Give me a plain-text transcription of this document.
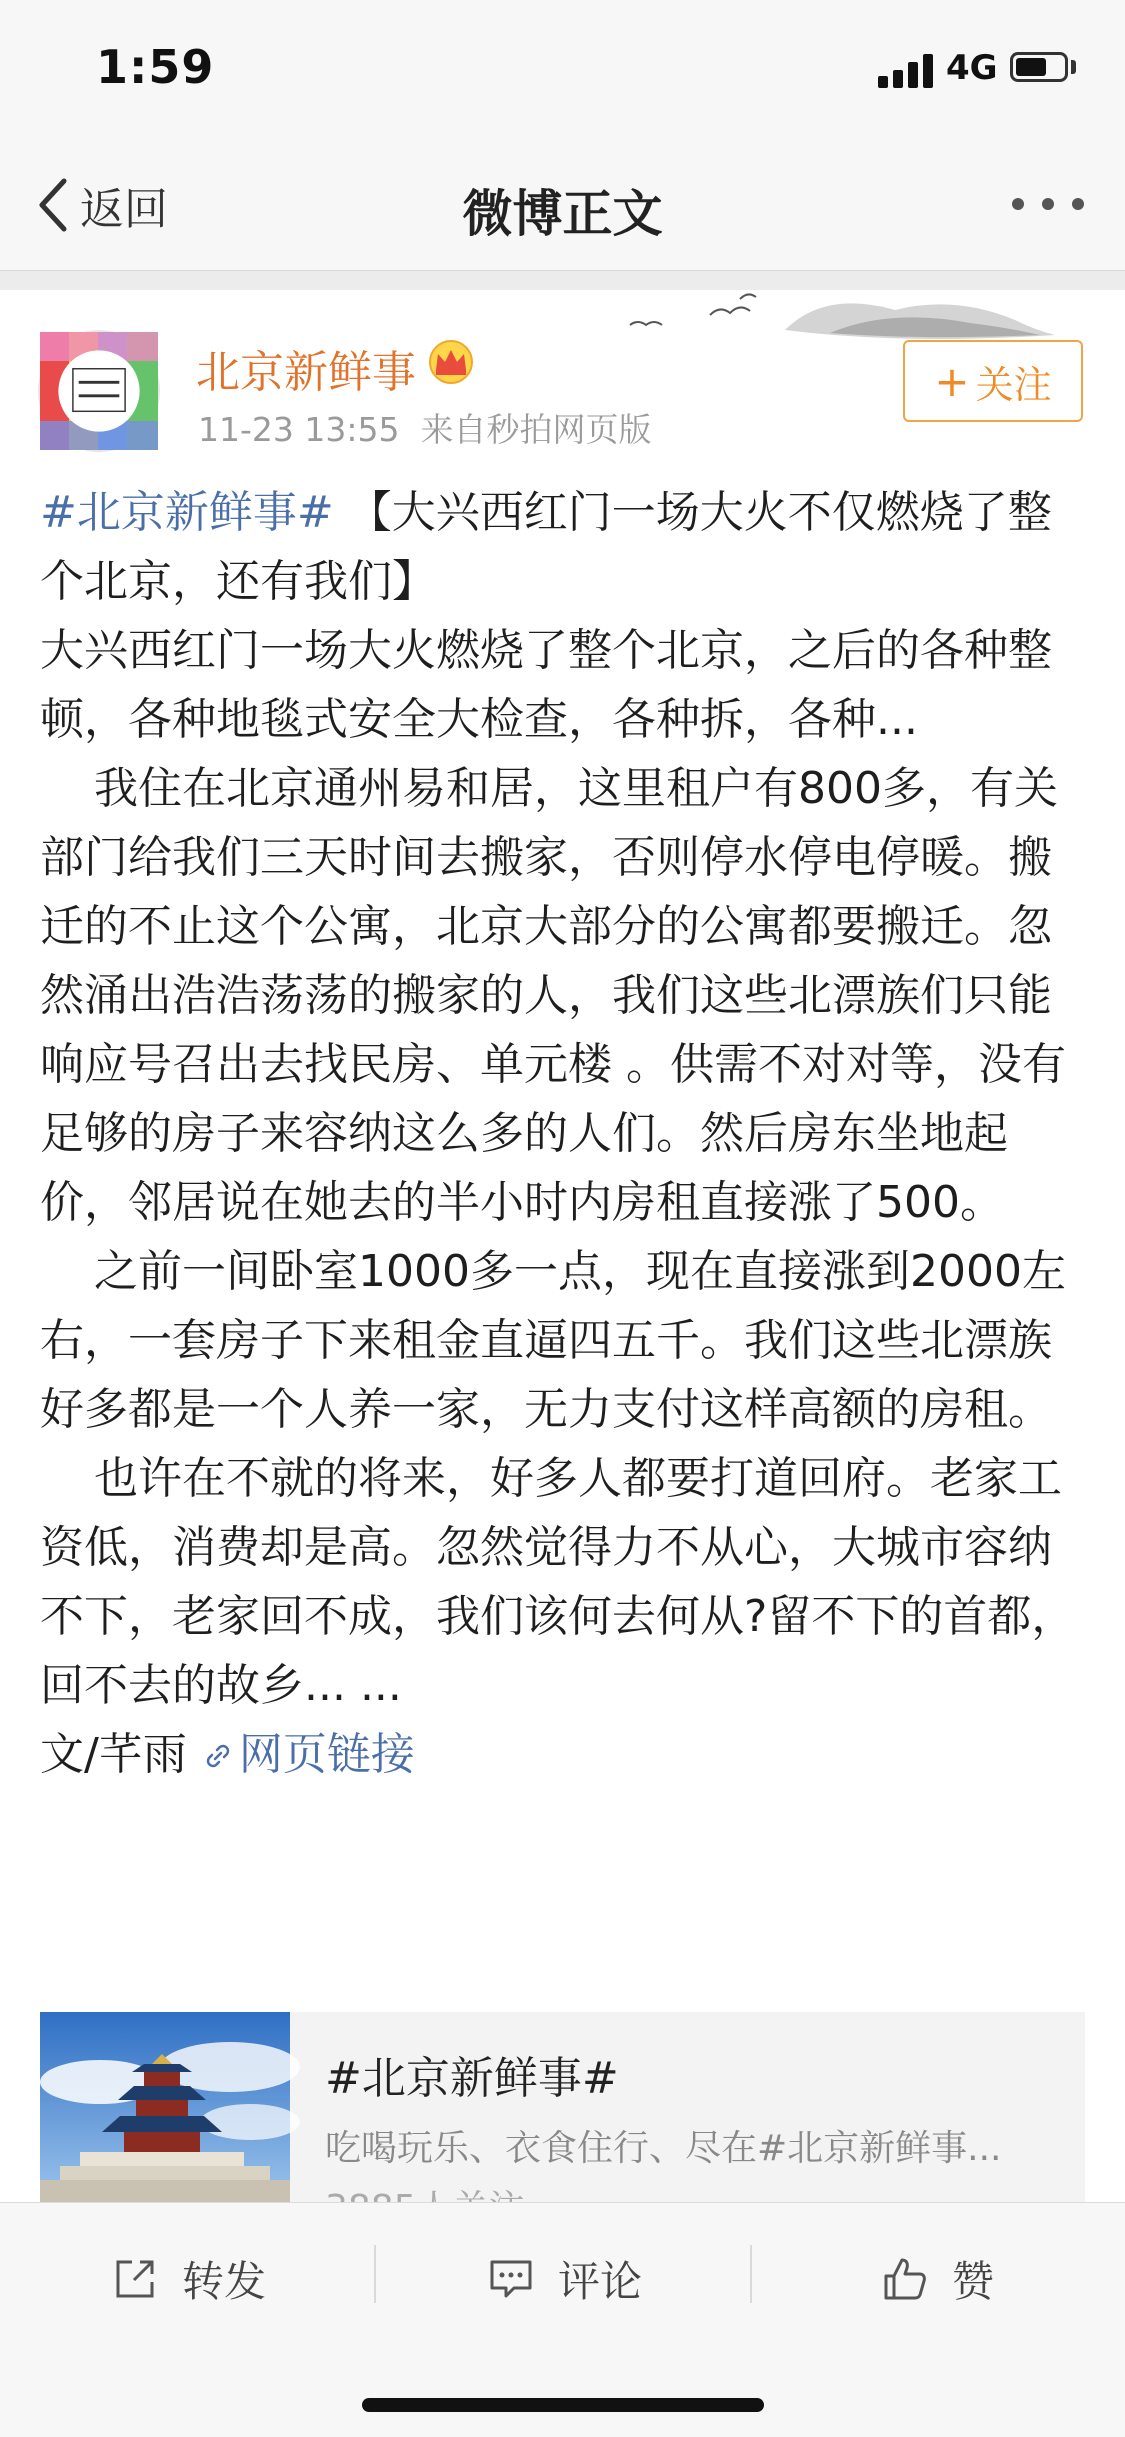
1:59	4G
返回	微博正文
北京新鲜事
11-23 13:55 来自秒拍网页版
+ 关注

#北京新鲜事# 【大兴西红门一场大火不仅燃烧了整个北京，还有我们】

大兴西红门一场大火燃烧了整个北京，之后的各种整顿，各种地毯式安全大检查，各种拆，各种...

我住在北京通州易和居，这里租户有800多，有关部门给我们三天时间去搬家，否则停水停电停暖。搬迁的不止这个公寓，北京大部分的公寓都要搬迁。忽然涌出浩浩荡荡的搬家的人，我们这些北漂族们只能响应号召出去找民房、单元楼 。供需不对对等，没有足够的房子来容纳这么多的人们。然后房东坐地起价，邻居说在她去的半小时内房租直接涨了500。

之前一间卧室1000多一点，现在直接涨到2000左右，一套房子下来租金直逼四五千。我们这些北漂族好多都是一个人养一家，无力支付这样高额的房租。

也许在不就的将来，好多人都要打道回府。老家工资低，消费却是高。忽然觉得力不从心，大城市容纳不下，老家回不成，我们该何去何从?留不下的首都，回不去的故乡... ...

文/芊雨 网页链接

#北京新鲜事#
吃喝玩乐、衣食住行、尽在#北京新鲜事...
转发	评论	赞
